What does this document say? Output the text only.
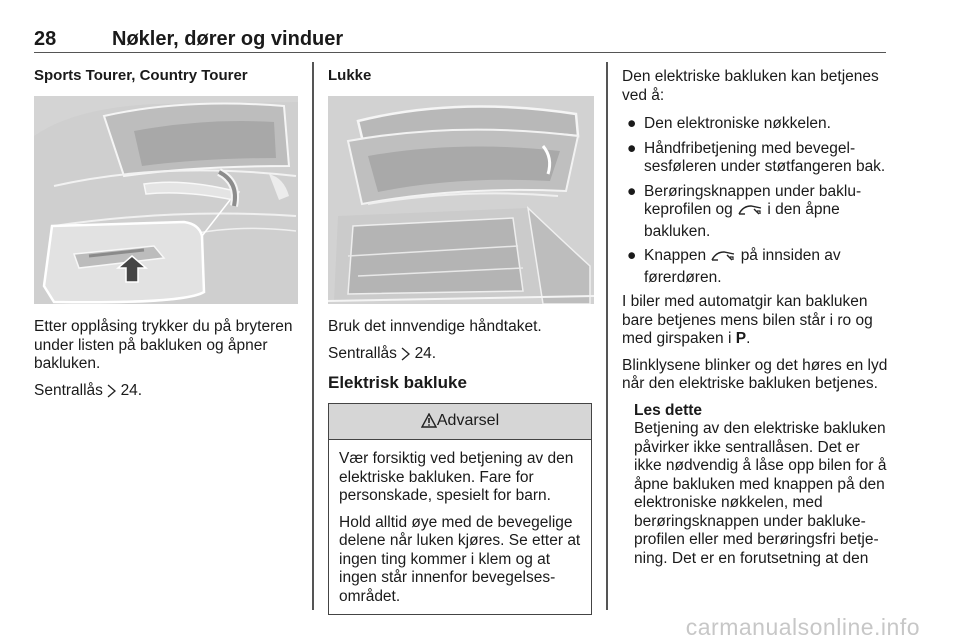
28	Nøkler, dører og vinduer
Sports Tourer, Country Tourer

Etter opplåsing trykker du på bryteren under listen på bakluken og åpner bakluken.

Sentrallås 24.

Lukke

Bruk det innvendige håndtaket.

Sentrallås 24.

Elektrisk bakluke
Advarsel

Vær forsiktig ved betjening av den elektriske bakluken. Fare for personskade, spesielt for barn.

Hold alltid øye med de bevegelige delene når luken kjøres. Se etter at ingen ting kommer i klem og at ingen står innenfor bevegelsesområdet.

Den elektriske bakluken kan betjenes ved å:

● Den elektroniske nøkkelen.
● Håndfribetjening med bevegelsesføleren under støtfangeren bak.
● Berøringsknappen under baklukeprofilen og i den åpne bakluken.
● Knappen på innsiden av førerdøren.

I biler med automatgir kan bakluken bare betjenes mens bilen står i ro og med girspaken i P.

Blinklysene blinker og det høres en lyd når den elektriske bakluken betjenes.

Les dette
Betjening av den elektriske bakluken påvirker ikke sentrallåsen. Det er ikke nødvendig å låse opp bilen for å åpne bakluken med knappen på den elektroniske nøkkelen, med berøringsknappen under baklukeprofilen eller med berøringsfri betjening. Det er en forutsetning at den
carmanualsonline.info
